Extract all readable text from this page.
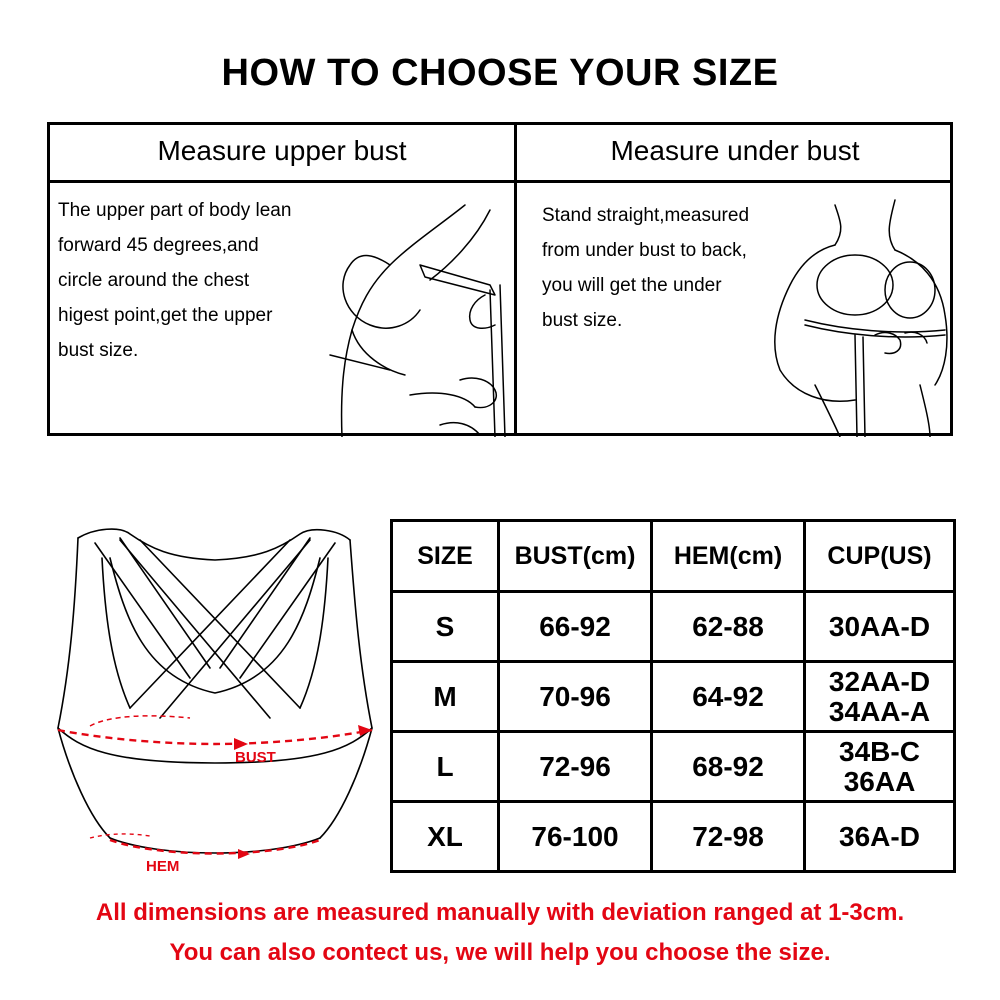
HOW TO CHOOSE YOUR SIZE
Measure upper bust	Measure under bust
The upper part of body lean
forward 45 degrees,and
circle around the chest
higest point,get the upper
bust size.
Stand straight,measured
from under bust to back,
you will get the under
bust size.
BUST
HEM
SIZE	BUST(cm)	HEM(cm)	CUP(US)
S	66-92	62-88	30AA-D

M	70-96	64-92	32AA-D
34AA-A

L	72-96	68-92	34B-C
36AA

XL	76-100	72-98	36A-D
All dimensions are measured manually with deviation ranged at 1-3cm.
You can also contect us, we will help you choose the size.
